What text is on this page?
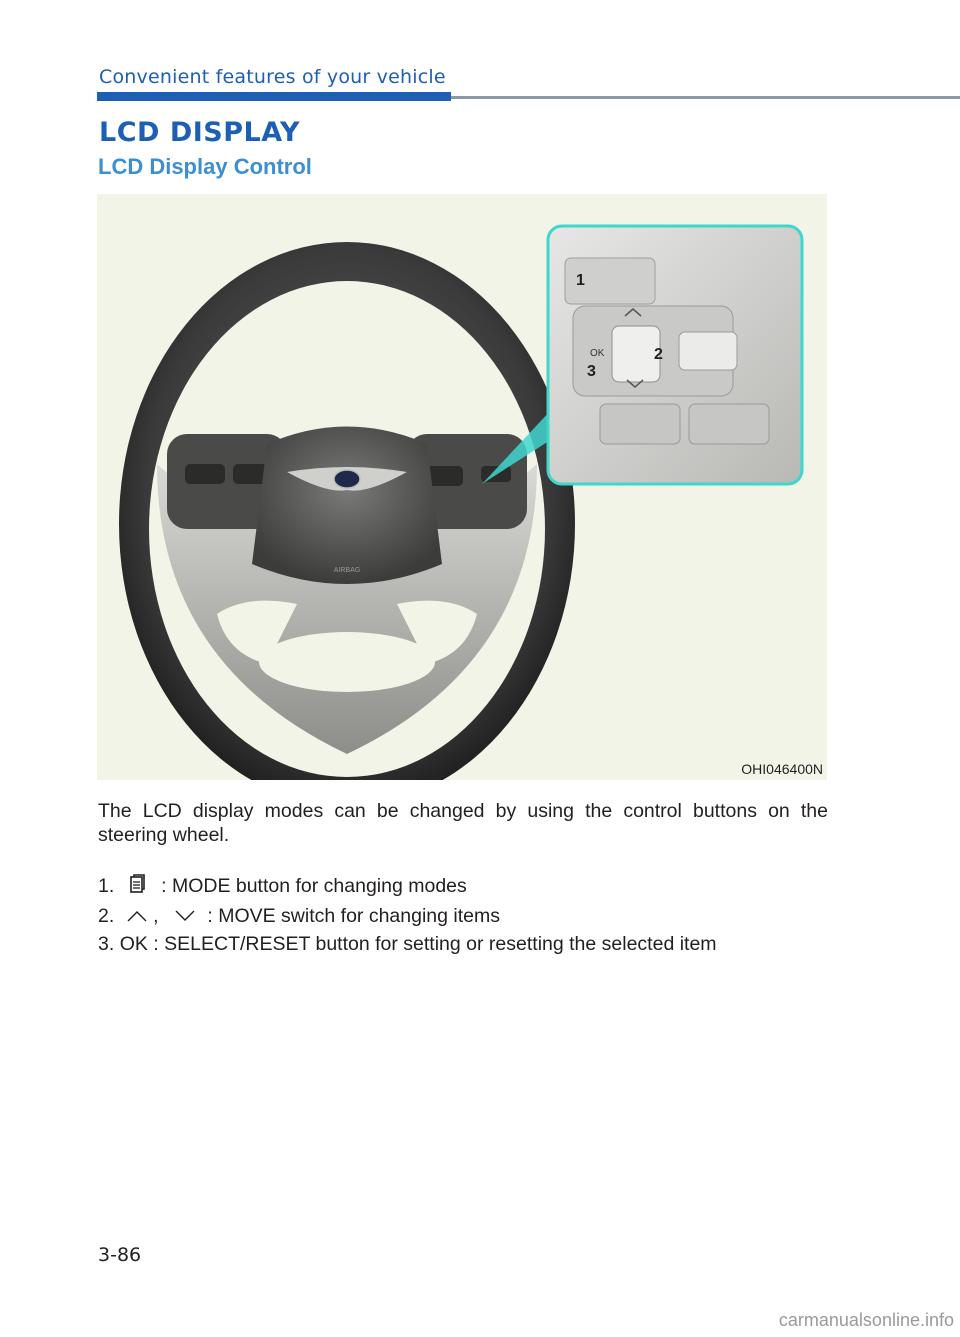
Convenient features of your vehicle
LCD DISPLAY
LCD Display Control
AIRBAG
OK
1
2
3
OHI046400N
The LCD display modes can be changed by using the control buttons on the steering wheel.
1. : MODE button for changing modes
2. ,	: MOVE switch for changing items
3. OK : SELECT/RESET button for setting or resetting the selected item
3-86
carmanualsonline.info
